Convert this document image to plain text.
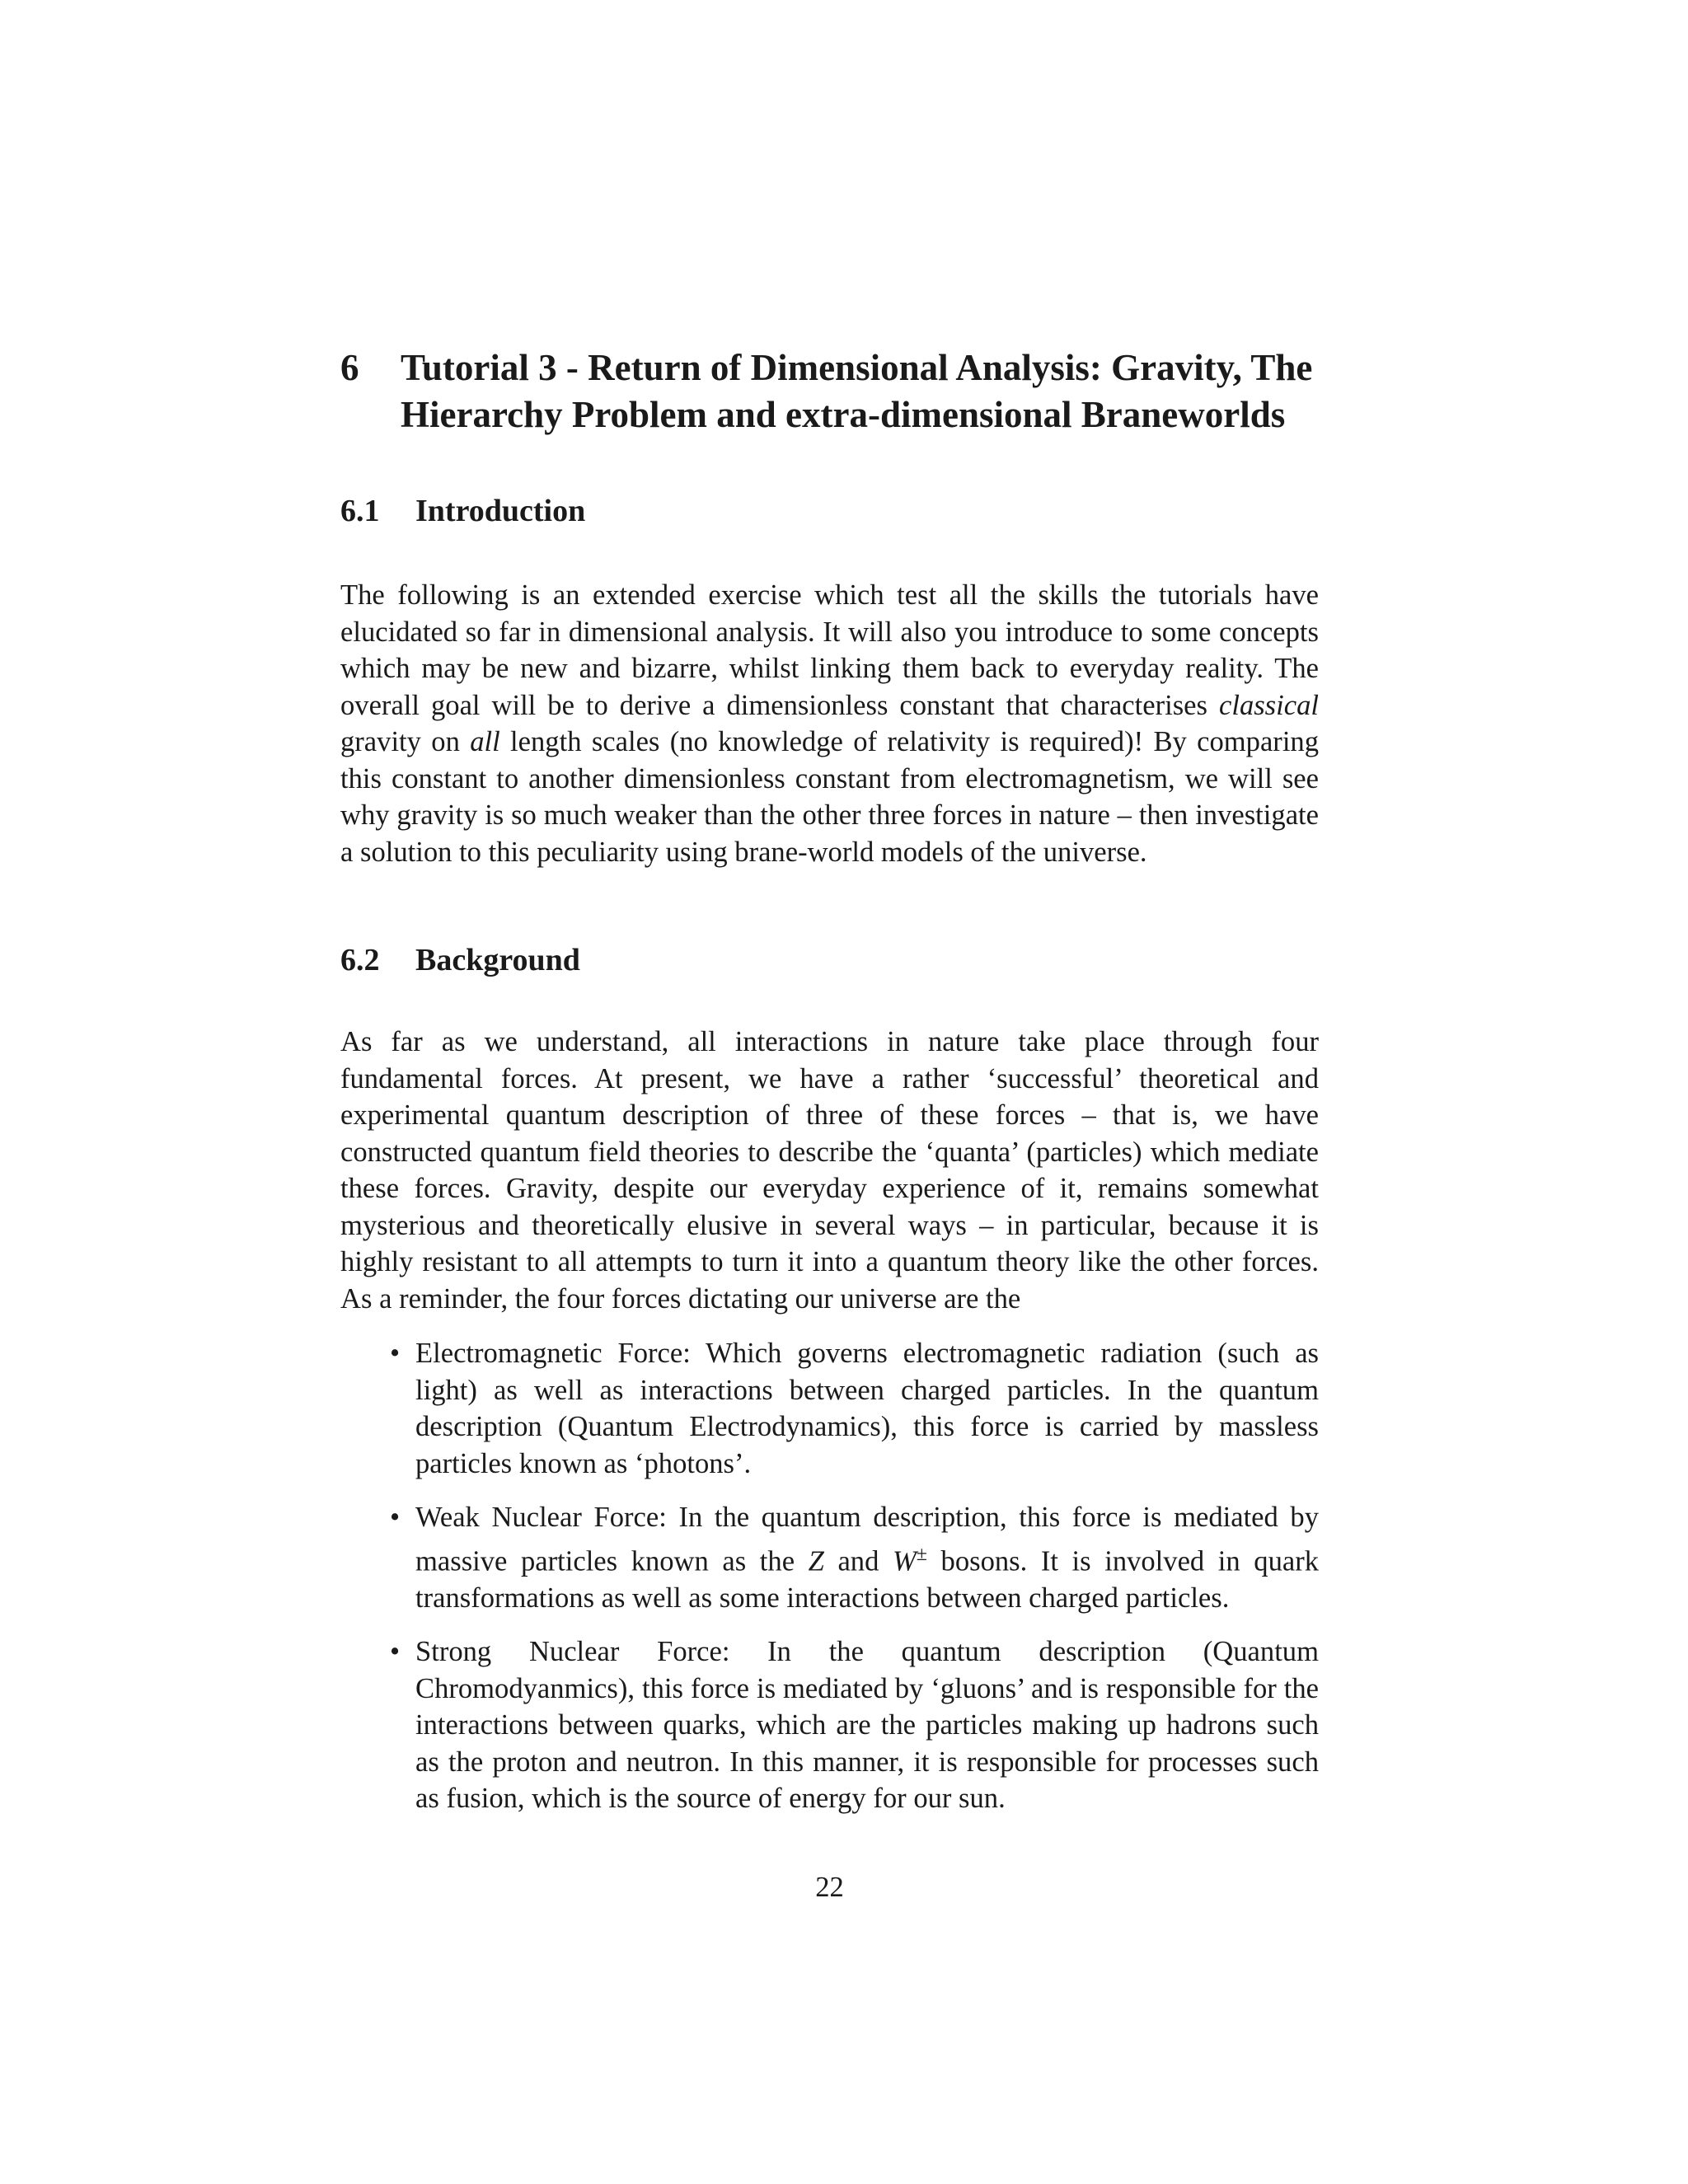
6 Tutorial 3 - Return of Dimensional Analysis: Gravity, The Hierarchy Problem and extra-dimensional Braneworlds
6.1 Introduction

The following is an extended exercise which test all the skills the tutorials have elucidated so far in dimensional analysis. It will also you introduce to some concepts which may be new and bizarre, whilst linking them back to everyday reality. The overall goal will be to derive a dimensionless constant that characterises classical gravity on all length scales (no knowledge of relativity is required)! By comparing this constant to another dimensionless constant from electromagnetism, we will see why gravity is so much weaker than the other three forces in nature – then investigate a solution to this peculiarity using brane-world models of the universe.

6.2 Background

As far as we understand, all interactions in nature take place through four fundamental forces. At present, we have a rather ‘successful’ theoretical and experimental quantum description of three of these forces – that is, we have constructed quantum field theories to describe the ‘quanta’ (particles) which mediate these forces. Gravity, despite our everyday experience of it, remains somewhat mysterious and theoretically elusive in several ways – in particular, because it is highly resistant to all attempts to turn it into a quantum theory like the other forces. As a reminder, the four forces dictating our universe are the

• Electromagnetic Force: Which governs electromagnetic radiation (such as light) as well as interactions between charged particles. In the quantum description (Quantum Electrodynamics), this force is carried by massless particles known as ‘photons’.
• Weak Nuclear Force: In the quantum description, this force is mediated by massive particles known as the Z and W± bosons. It is involved in quark transformations as well as some interactions between charged particles.
• Strong Nuclear Force: In the quantum description (Quantum Chromodyanmics), this force is mediated by ‘gluons’ and is responsible for the interactions between quarks, which are the particles making up hadrons such as the proton and neutron. In this manner, it is responsible for processes such as fusion, which is the source of energy for our sun.
22
